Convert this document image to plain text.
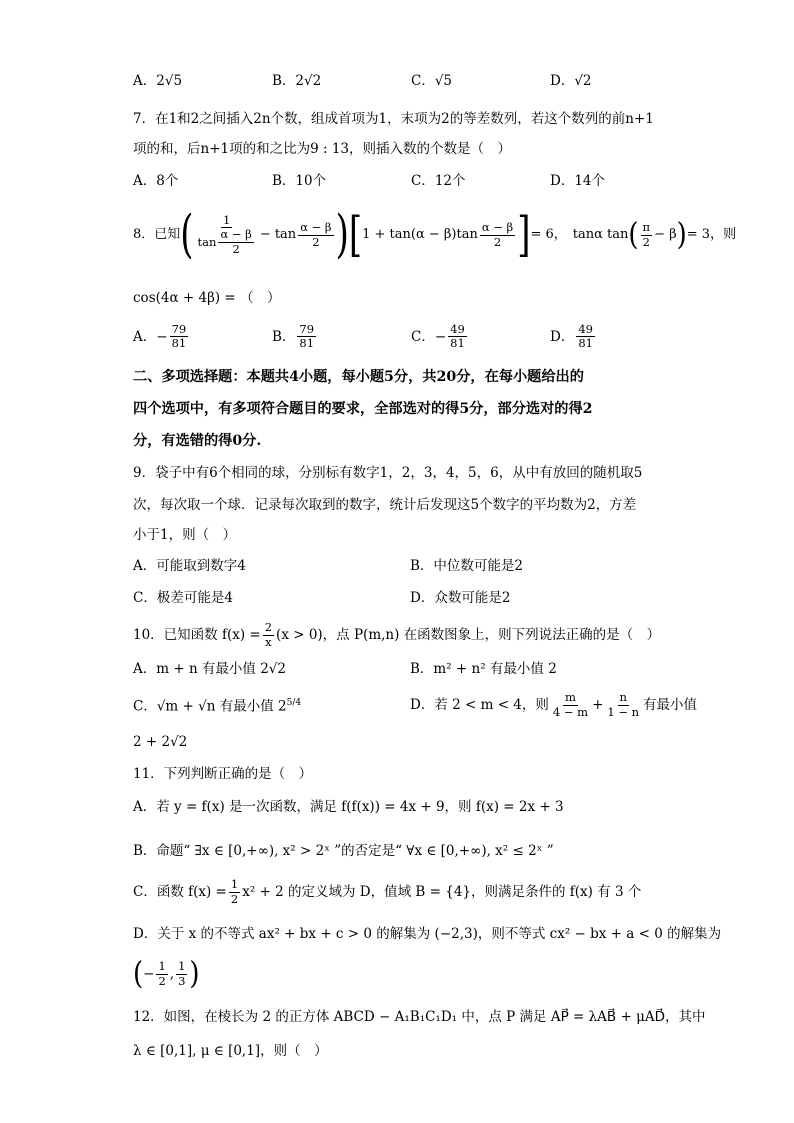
A．2√5	B．2√2	C．√5	D．√2
7．在1和2之间插入2n个数，组成首项为1，末项为2的等差数列，若这个数列的前n+1
项的和，后n+1项的和之比为9 : 13，则插入数的个数是（　）
A．8个	B．10个	C．12个	D．14个
8．已知 ( $\frac{1}{\tan \frac{\alpha - \beta}{2}} - \tan \frac{\alpha - \beta}{2}$ ) [ $1 + \tan(\alpha - \beta)\tan \frac{\alpha - \beta}{2}$ ] = 6， tanα tan ( $\frac{\pi}{2} - \beta$ ) = 3，则
cos(4α + 4β) = （　）
A．− $\frac{79}{81}$	B． $\frac{79}{81}$	C．− $\frac{49}{81}$	D． $\frac{49}{81}$
二、多项选择题：本题共4小题，每小题5分，共20分，在每小题给出的
四个选项中，有多项符合题目的要求，全部选对的得5分，部分选对的得2
分，有选错的得0分.
9．袋子中有6个相同的球，分别标有数字1，2，3，4，5，6，从中有放回的随机取5
次，每次取一个球．记录每次取到的数字，统计后发现这5个数字的平均数为2，方差
小于1，则（　）
A．可能取到数字4	B．中位数可能是2
C．极差可能是4	D．众数可能是2
10．已知函数 $f(x) = \frac{2}{x} (x > 0)$，点 P(m,n) 在函数图象上，则下列说法正确的是（　）
A．m + n 有最小值 2√2	B．m² + n² 有最小值 2
C．√m + √n 有最小值 $2^{5/4}$	D．若 2 < m < 4，则 $\frac{m}{4 - m} + \frac{n}{1 - n}$ 有最小值
2 + 2√2
11．下列判断正确的是（　）
A．若 y = f(x) 是一次函数，满足 f(f(x)) = 4x + 9，则 f(x) = 2x + 3
B．命题“ ∃x ∈ [0,+∞), x² > 2ˣ ”的否定是“ ∀x ∈ [0,+∞), x² ≤ 2ˣ ”
C．函数 $f(x) = \frac{1}{2} x^2 + 2$ 的定义域为 D，值域 B = {4}，则满足条件的 f(x) 有 3 个
D．关于 x 的不等式 ax² + bx + c > 0 的解集为 (−2,3)，则不等式 cx² − bx + a < 0 的解集为
( − $\frac{1}{2}$ , $\frac{1}{3}$ )
12．如图，在棱长为 2 的正方体 ABCD − A₁B₁C₁D₁ 中，点 P 满足 AP⃗ = λAB⃗ + μAD⃗，其中
λ ∈ [0,1], μ ∈ [0,1]，则（　）
